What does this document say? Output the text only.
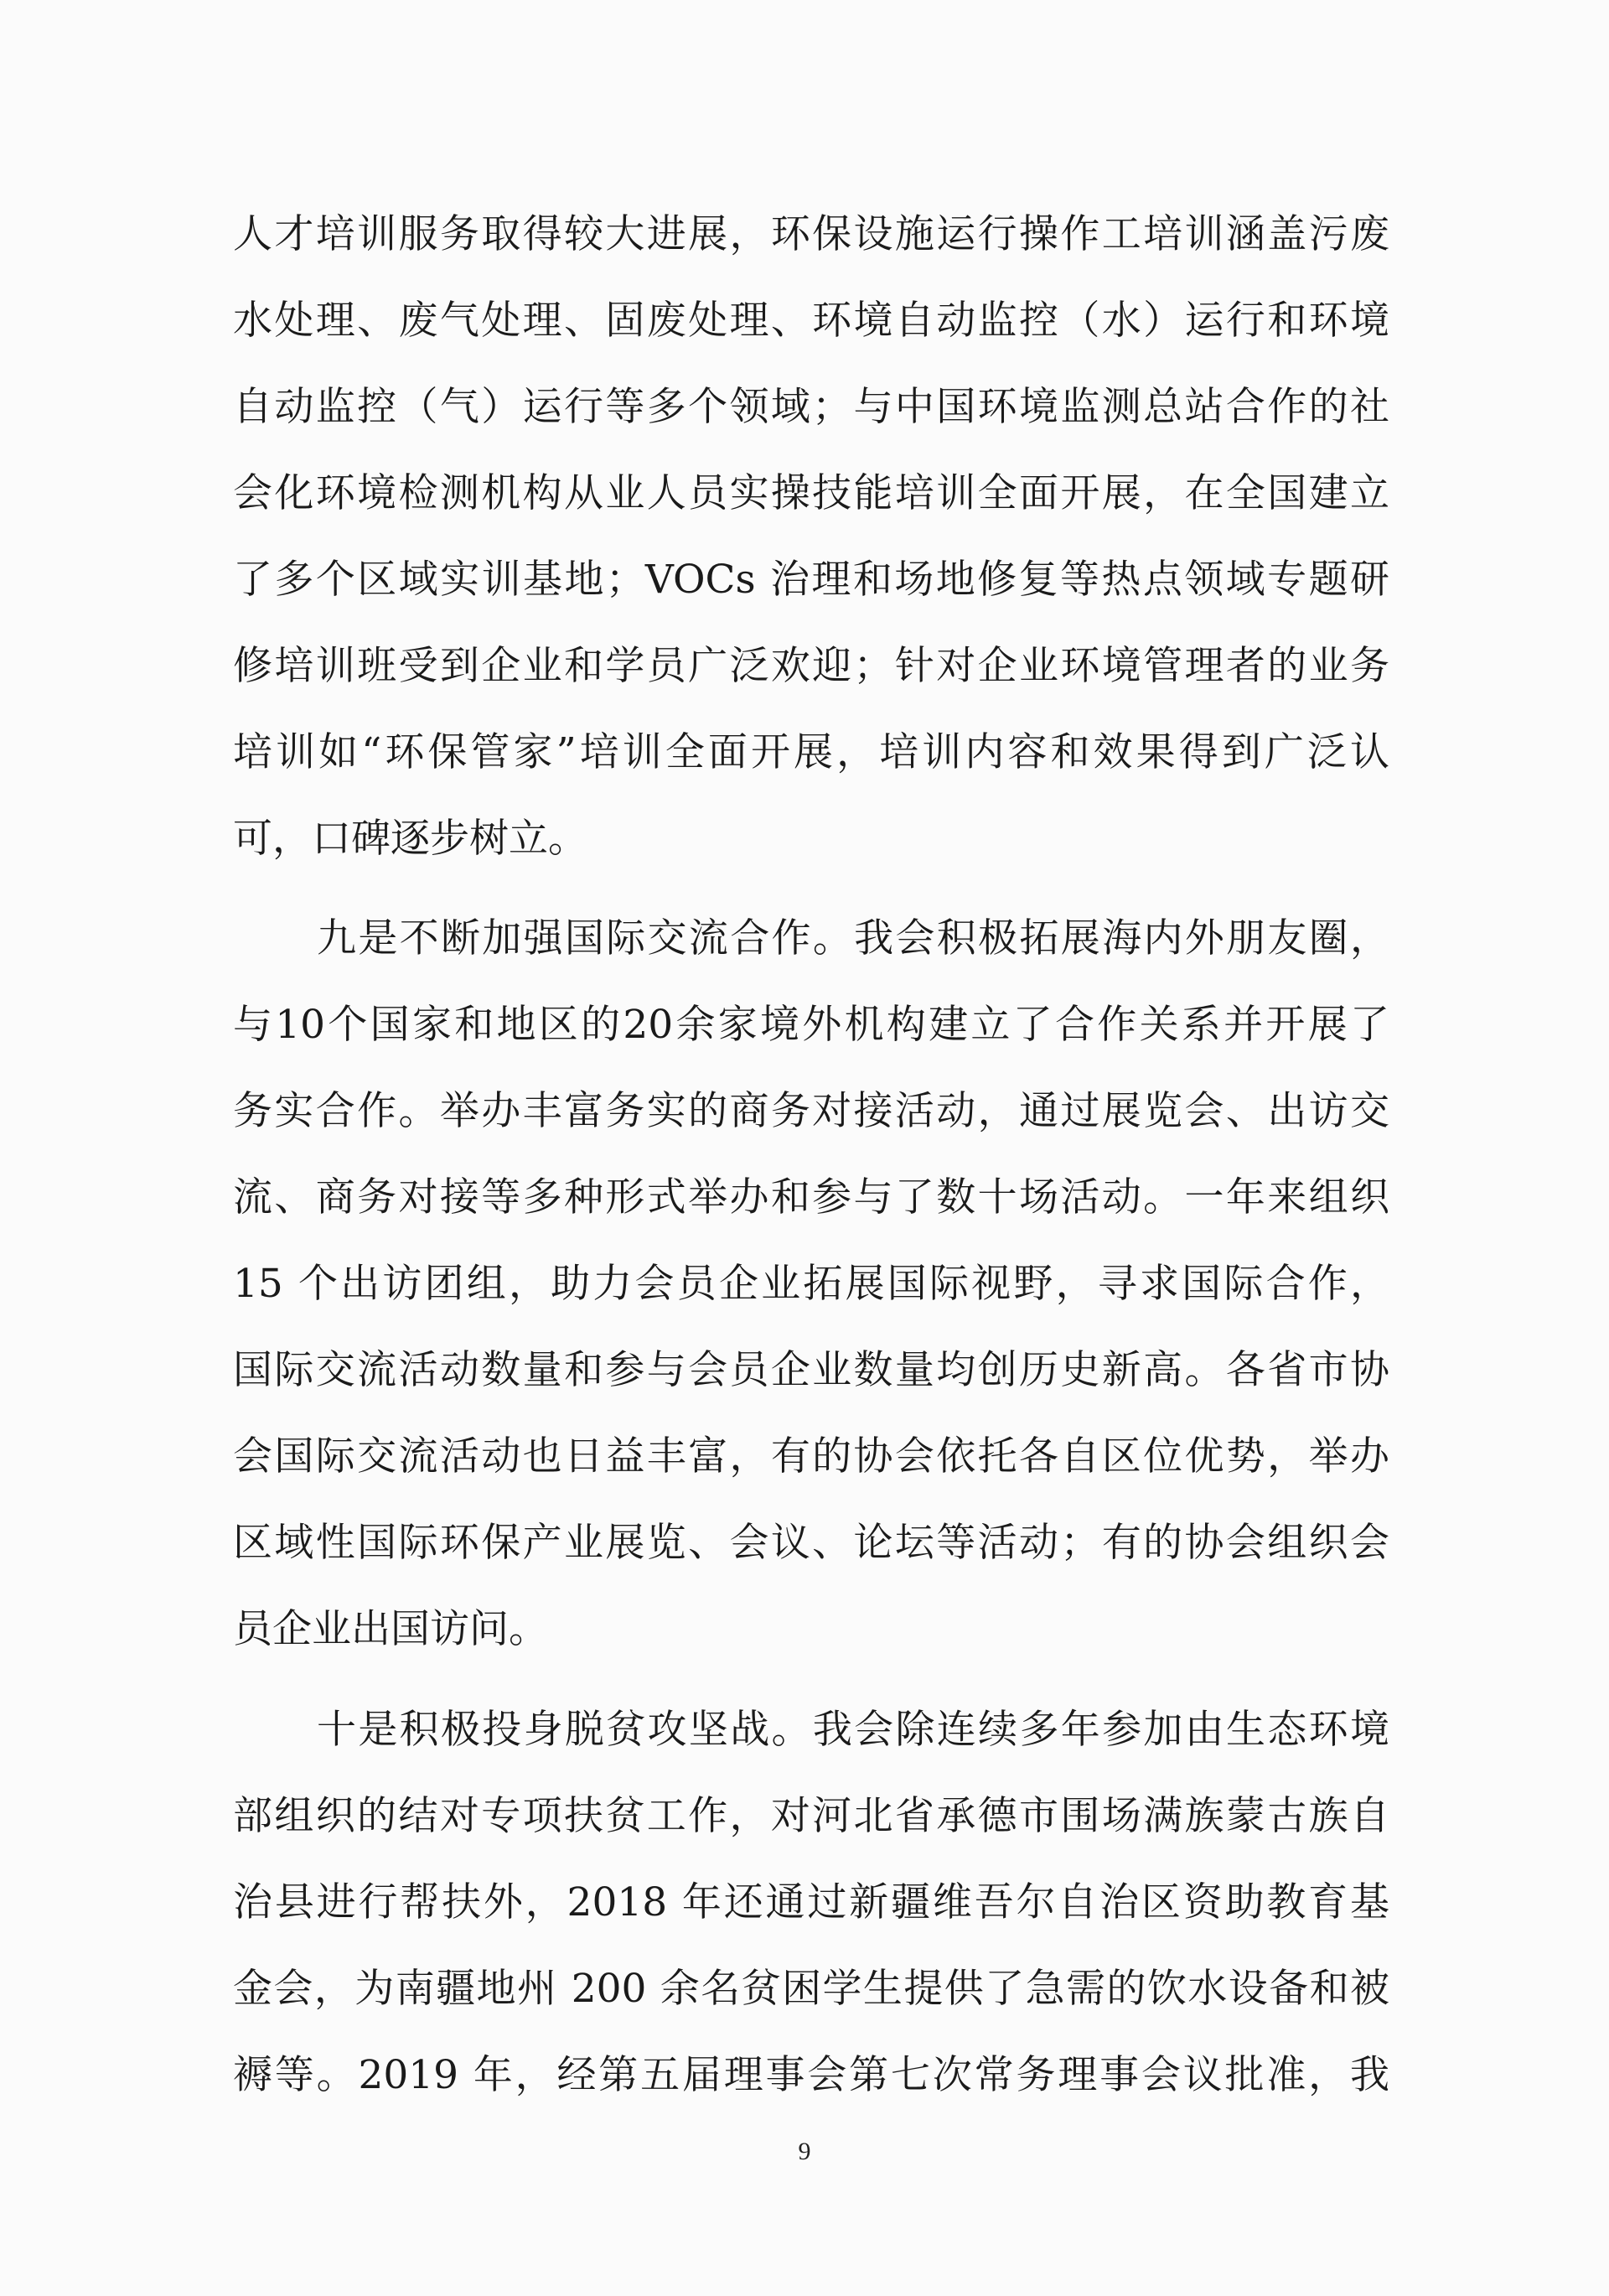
人才培训服务取得较大进展，环保设施运行操作工培训涵盖污废
水处理、废气处理、固废处理、环境自动监控（水）运行和环境
自动监控（气）运行等多个领域；与中国环境监测总站合作的社
会化环境检测机构从业人员实操技能培训全面开展，在全国建立
了多个区域实训基地；VOCs 治理和场地修复等热点领域专题研
修培训班受到企业和学员广泛欢迎；针对企业环境管理者的业务
培训如“环保管家”培训全面开展，培训内容和效果得到广泛认
可，口碑逐步树立。
九是不断加强国际交流合作。我会积极拓展海内外朋友圈，
与10个国家和地区的20余家境外机构建立了合作关系并开展了
务实合作。举办丰富务实的商务对接活动，通过展览会、出访交
流、商务对接等多种形式举办和参与了数十场活动。一年来组织
15 个出访团组，助力会员企业拓展国际视野，寻求国际合作，
国际交流活动数量和参与会员企业数量均创历史新高。各省市协
会国际交流活动也日益丰富，有的协会依托各自区位优势，举办
区域性国际环保产业展览、会议、论坛等活动；有的协会组织会
员企业出国访问。
十是积极投身脱贫攻坚战。我会除连续多年参加由生态环境
部组织的结对专项扶贫工作，对河北省承德市围场满族蒙古族自
治县进行帮扶外，2018 年还通过新疆维吾尔自治区资助教育基
金会，为南疆地州 200 余名贫困学生提供了急需的饮水设备和被
褥等。2019 年，经第五届理事会第七次常务理事会议批准，我
9
